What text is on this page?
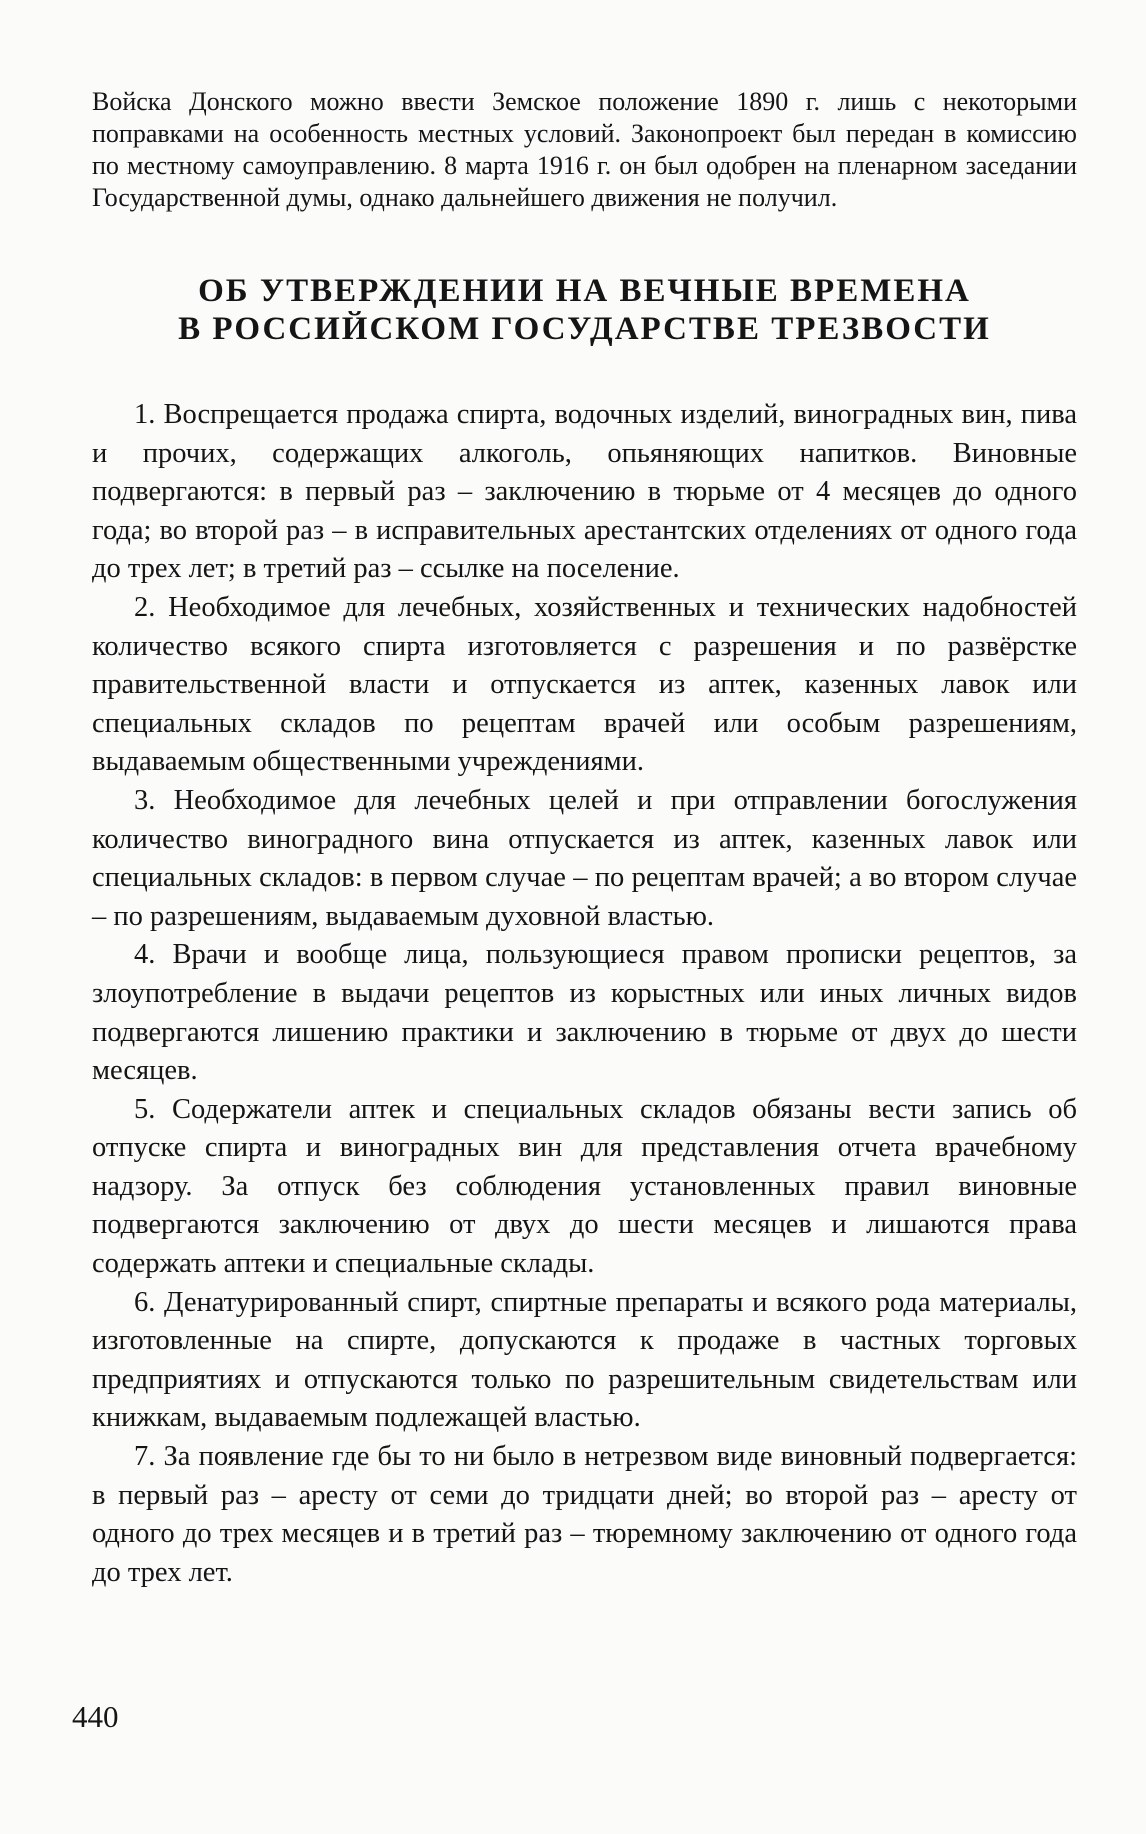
Войска Донского можно ввести Земское положение 1890 г. лишь с некоторыми поправками на особенность местных условий. Законопроект был передан в комиссию по местному самоуправлению. 8 марта 1916 г. он был одобрен на пленарном заседании Государственной думы, однако дальнейшего движения не получил.

ОБ УТВЕРЖДЕНИИ НА ВЕЧНЫЕ ВРЕМЕНА
В РОССИЙСКОМ ГОСУДАРСТВЕ ТРЕЗВОСТИ

1. Воспрещается продажа спирта, водочных изделий, виноградных вин, пива и прочих, содержащих алкоголь, опьяняющих напитков. Виновные подвергаются: в первый раз – заключению в тюрьме от 4 месяцев до одного года; во второй раз – в исправительных арестантских отделениях от одного года до трех лет; в третий раз – ссылке на поселение.

2. Необходимое для лечебных, хозяйственных и технических надобностей количество всякого спирта изготовляется с разрешения и по развёрстке правительственной власти и отпускается из аптек, казенных лавок или специальных складов по рецептам врачей или особым разрешениям, выдаваемым общественными учреждениями.

3. Необходимое для лечебных целей и при отправлении богослужения количество виноградного вина отпускается из аптек, казенных лавок или специальных складов: в первом случае – по рецептам врачей; а во втором случае – по разрешениям, выдаваемым духовной властью.

4. Врачи и вообще лица, пользующиеся правом прописки рецептов, за злоупотребление в выдачи рецептов из корыстных или иных личных видов подвергаются лишению практики и заключению в тюрьме от двух до шести месяцев.

5. Содержатели аптек и специальных складов обязаны вести запись об отпуске спирта и виноградных вин для представления отчета врачебному надзору. За отпуск без соблюдения установленных правил виновные подвергаются заключению от двух до шести месяцев и лишаются права содержать аптеки и специальные склады.

6. Денатурированный спирт, спиртные препараты и всякого рода материалы, изготовленные на спирте, допускаются к продаже в частных торговых предприятиях и отпускаются только по разрешительным свидетельствам или книжкам, выдаваемым подлежащей властью.

7. За появление где бы то ни было в нетрезвом виде виновный подвергается: в первый раз – аресту от семи до тридцати дней; во второй раз – аресту от одного до трех месяцев и в третий раз – тюремному заключению от одного года до трех лет.

440
